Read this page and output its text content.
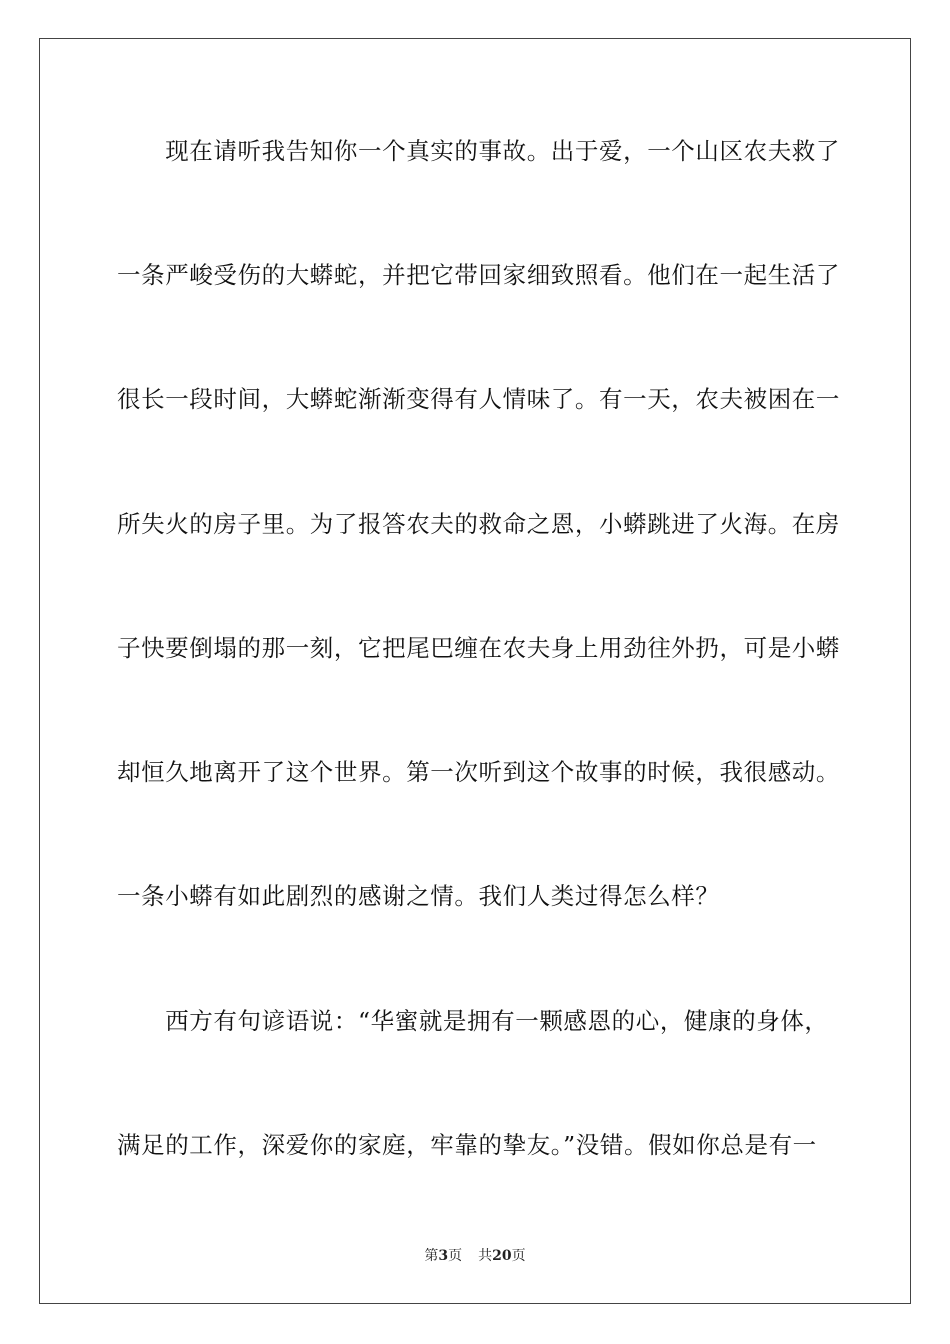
　　现在请听我告知你一个真实的事故。出于爱，一个山区农夫救了
一条严峻受伤的大蟒蛇，并把它带回家细致照看。他们在一起生活了
很长一段时间，大蟒蛇渐渐变得有人情味了。有一天，农夫被困在一
所失火的房子里。为了报答农夫的救命之恩，小蟒跳进了火海。在房
子快要倒塌的那一刻，它把尾巴缠在农夫身上用劲往外扔，可是小蟒
却恒久地离开了这个世界。第一次听到这个故事的时候，我很感动。
一条小蟒有如此剧烈的感谢之情。我们人类过得怎么样？
　　西方有句谚语说：“华蜜就是拥有一颗感恩的心，健康的身体，
满足的工作，深爱你的家庭，牢靠的挚友。”没错。假如你总是有一
第3页 共20页
